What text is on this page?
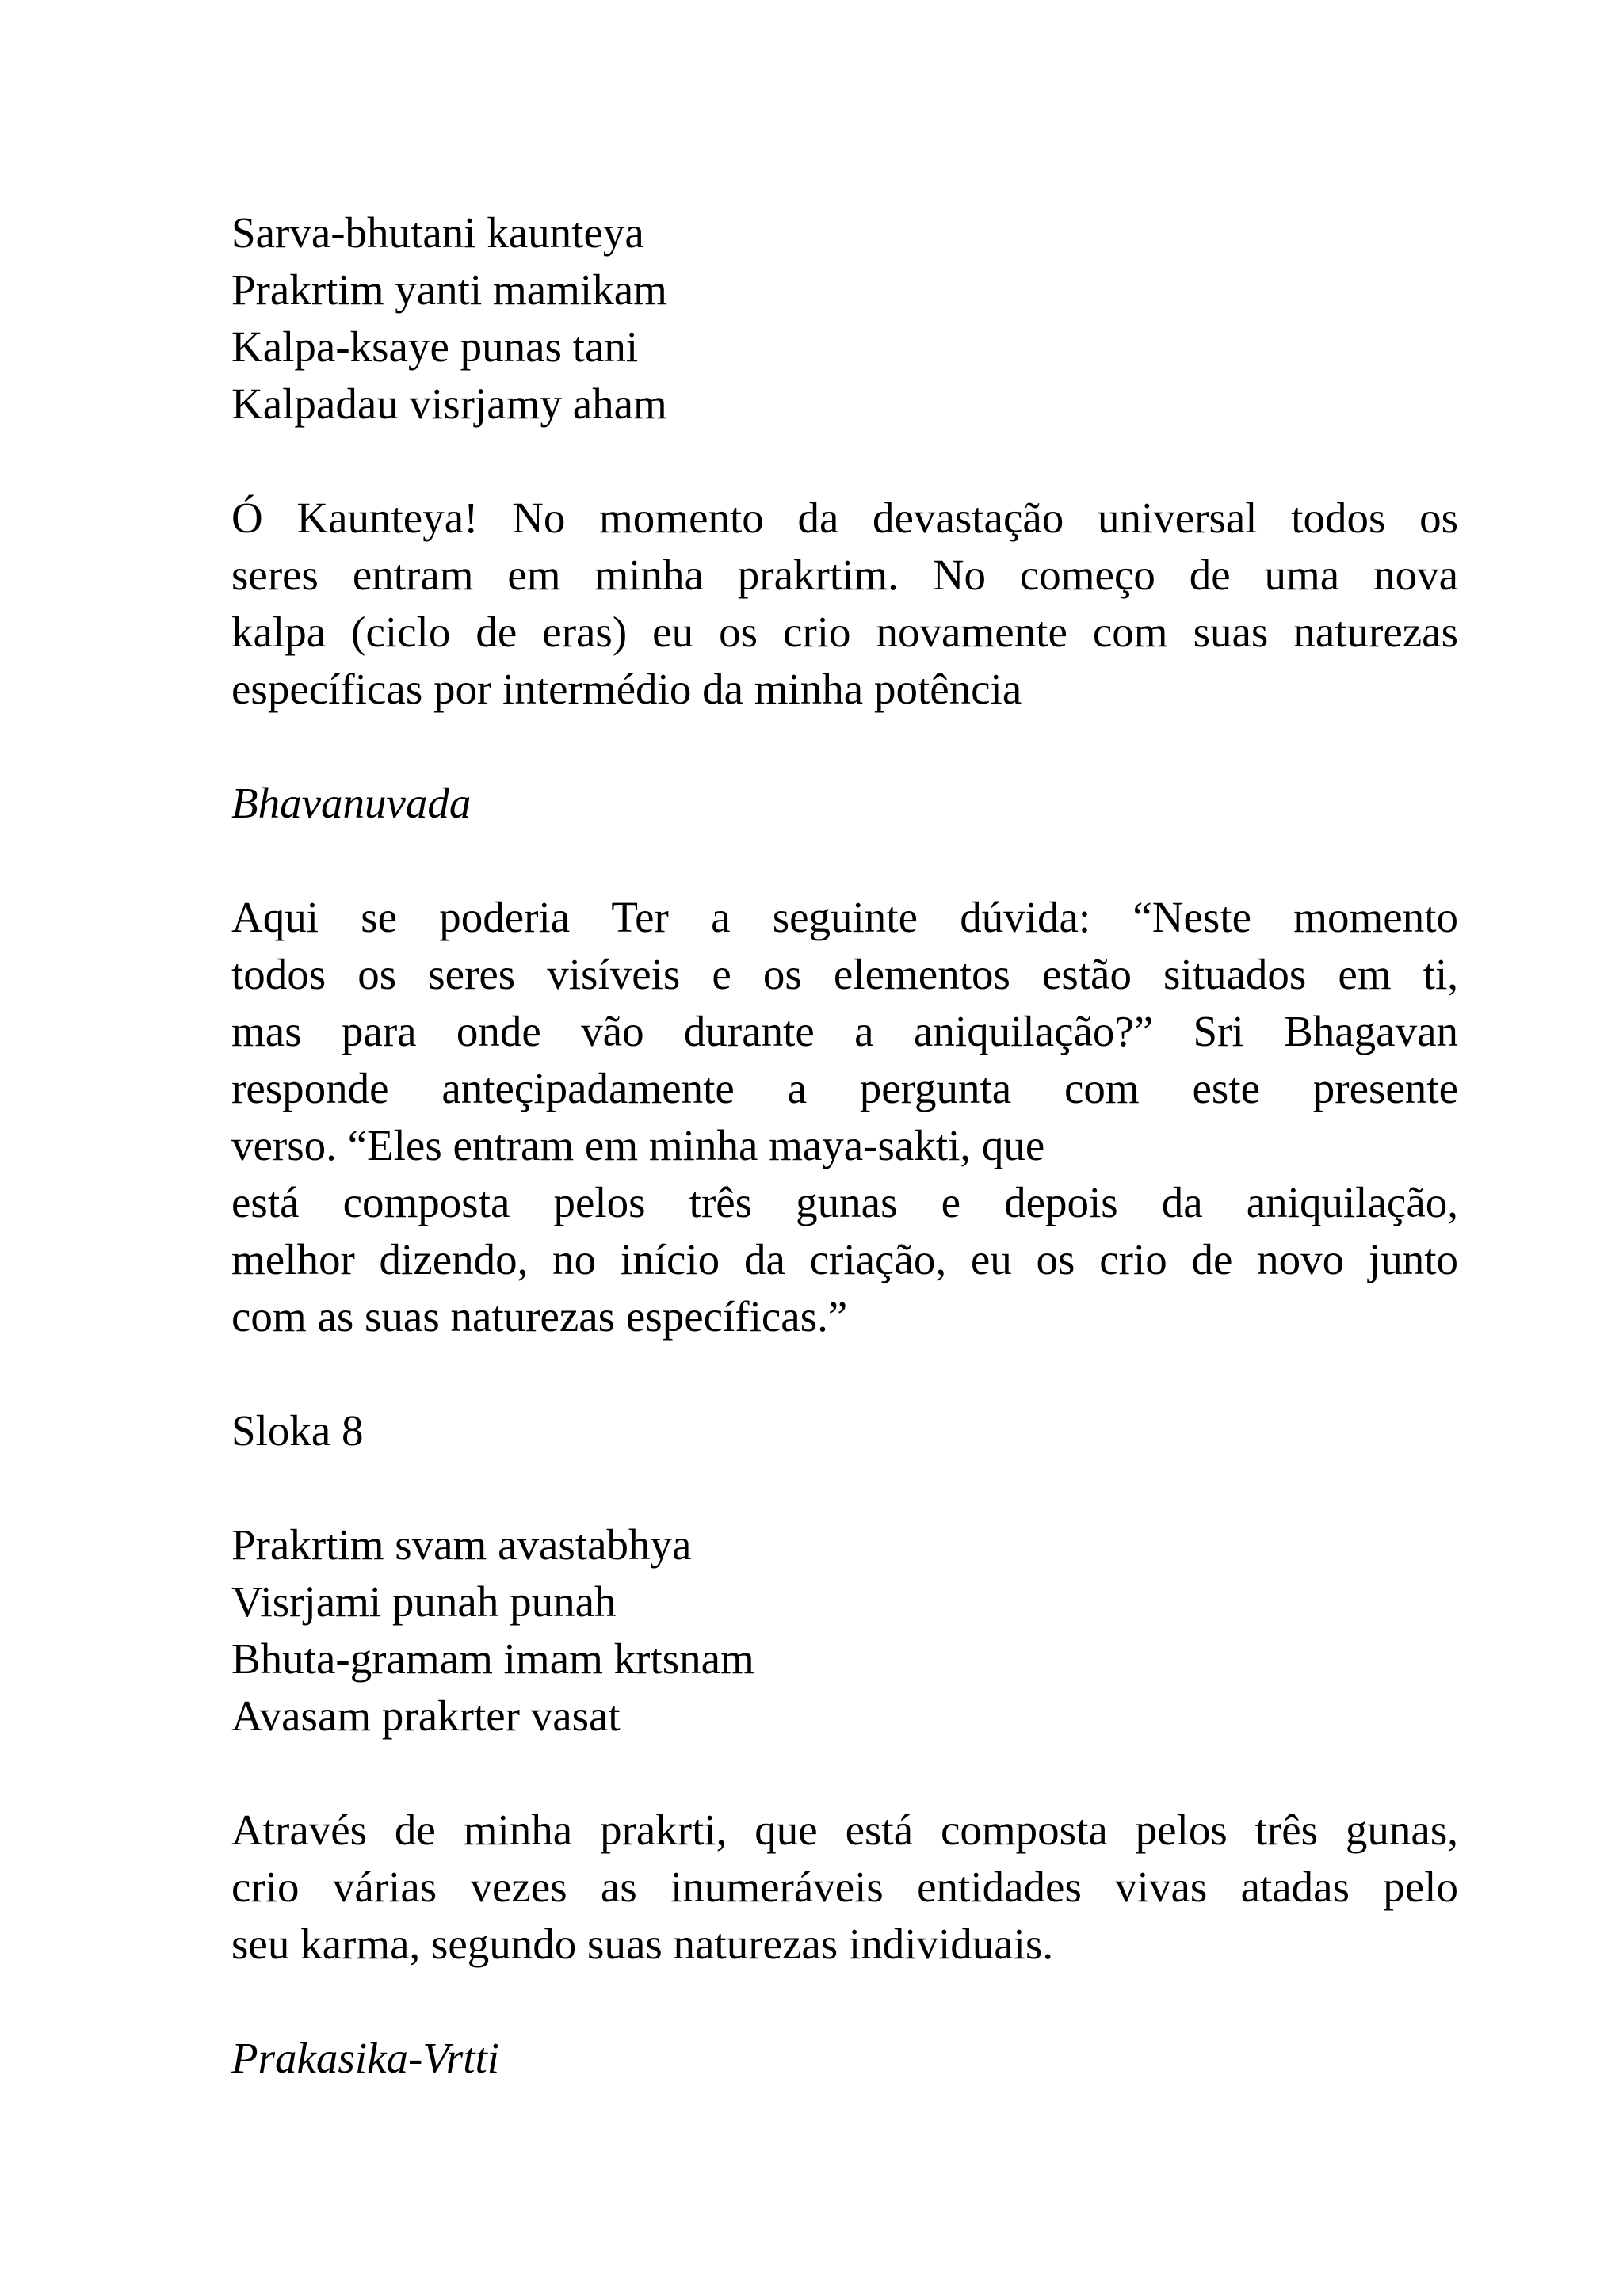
Sarva-bhutani kaunteya
Prakrtim yanti mamikam
Kalpa-ksaye punas tani
Kalpadau visrjamy aham
Ó Kaunteya! No momento da devastação universal todos os
seres entram em minha prakrtim. No começo de uma nova
kalpa (ciclo de eras) eu os crio novamente com suas naturezas
específicas por intermédio da minha potência
Bhavanuvada
Aqui se poderia Ter a seguinte dúvida: “Neste momento
todos os seres visíveis e os elementos estão situados em ti,
mas para onde vão durante a aniquilação?” Sri Bhagavan
responde anteçipadamente a pergunta com este presente
verso. “Eles entram em minha maya-sakti, que
está composta pelos três gunas e depois da aniquilação,
melhor dizendo, no início da criação, eu os crio de novo junto
com as suas naturezas específicas.”
Sloka 8
Prakrtim svam avastabhya
Visrjami punah punah
Bhuta-gramam imam krtsnam
Avasam prakrter vasat
Através de minha prakrti, que está composta pelos três gunas,
crio várias vezes as inumeráveis entidades vivas atadas pelo
seu karma, segundo suas naturezas individuais.
Prakasika-Vrtti
